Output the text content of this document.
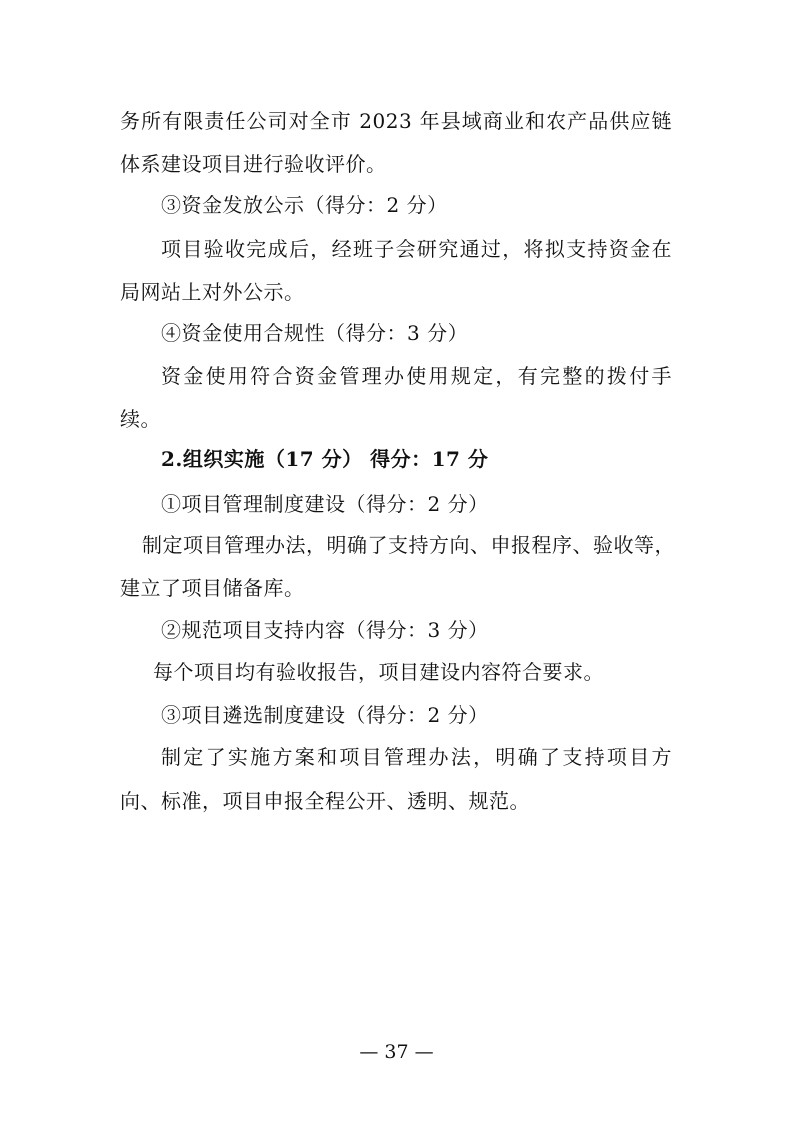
务所有限责任公司对全市 2023 年县域商业和农产品供应链
体系建设项目进行验收评价。
③资金发放公示（得分：2 分）
项目验收完成后，经班子会研究通过，将拟支持资金在
局网站上对外公示。
④资金使用合规性（得分：3 分）
资金使用符合资金管理办使用规定，有完整的拨付手
续。
2.组织实施（17 分） 得分：17 分
①项目管理制度建设（得分：2 分）
制定项目管理办法，明确了支持方向、申报程序、验收等，
建立了项目储备库。
②规范项目支持内容（得分：3 分）
每个项目均有验收报告，项目建设内容符合要求。
③项目遴选制度建设（得分：2 分）
制定了实施方案和项目管理办法，明确了支持项目方
向、标准，项目申报全程公开、透明、规范。
— 37 —
